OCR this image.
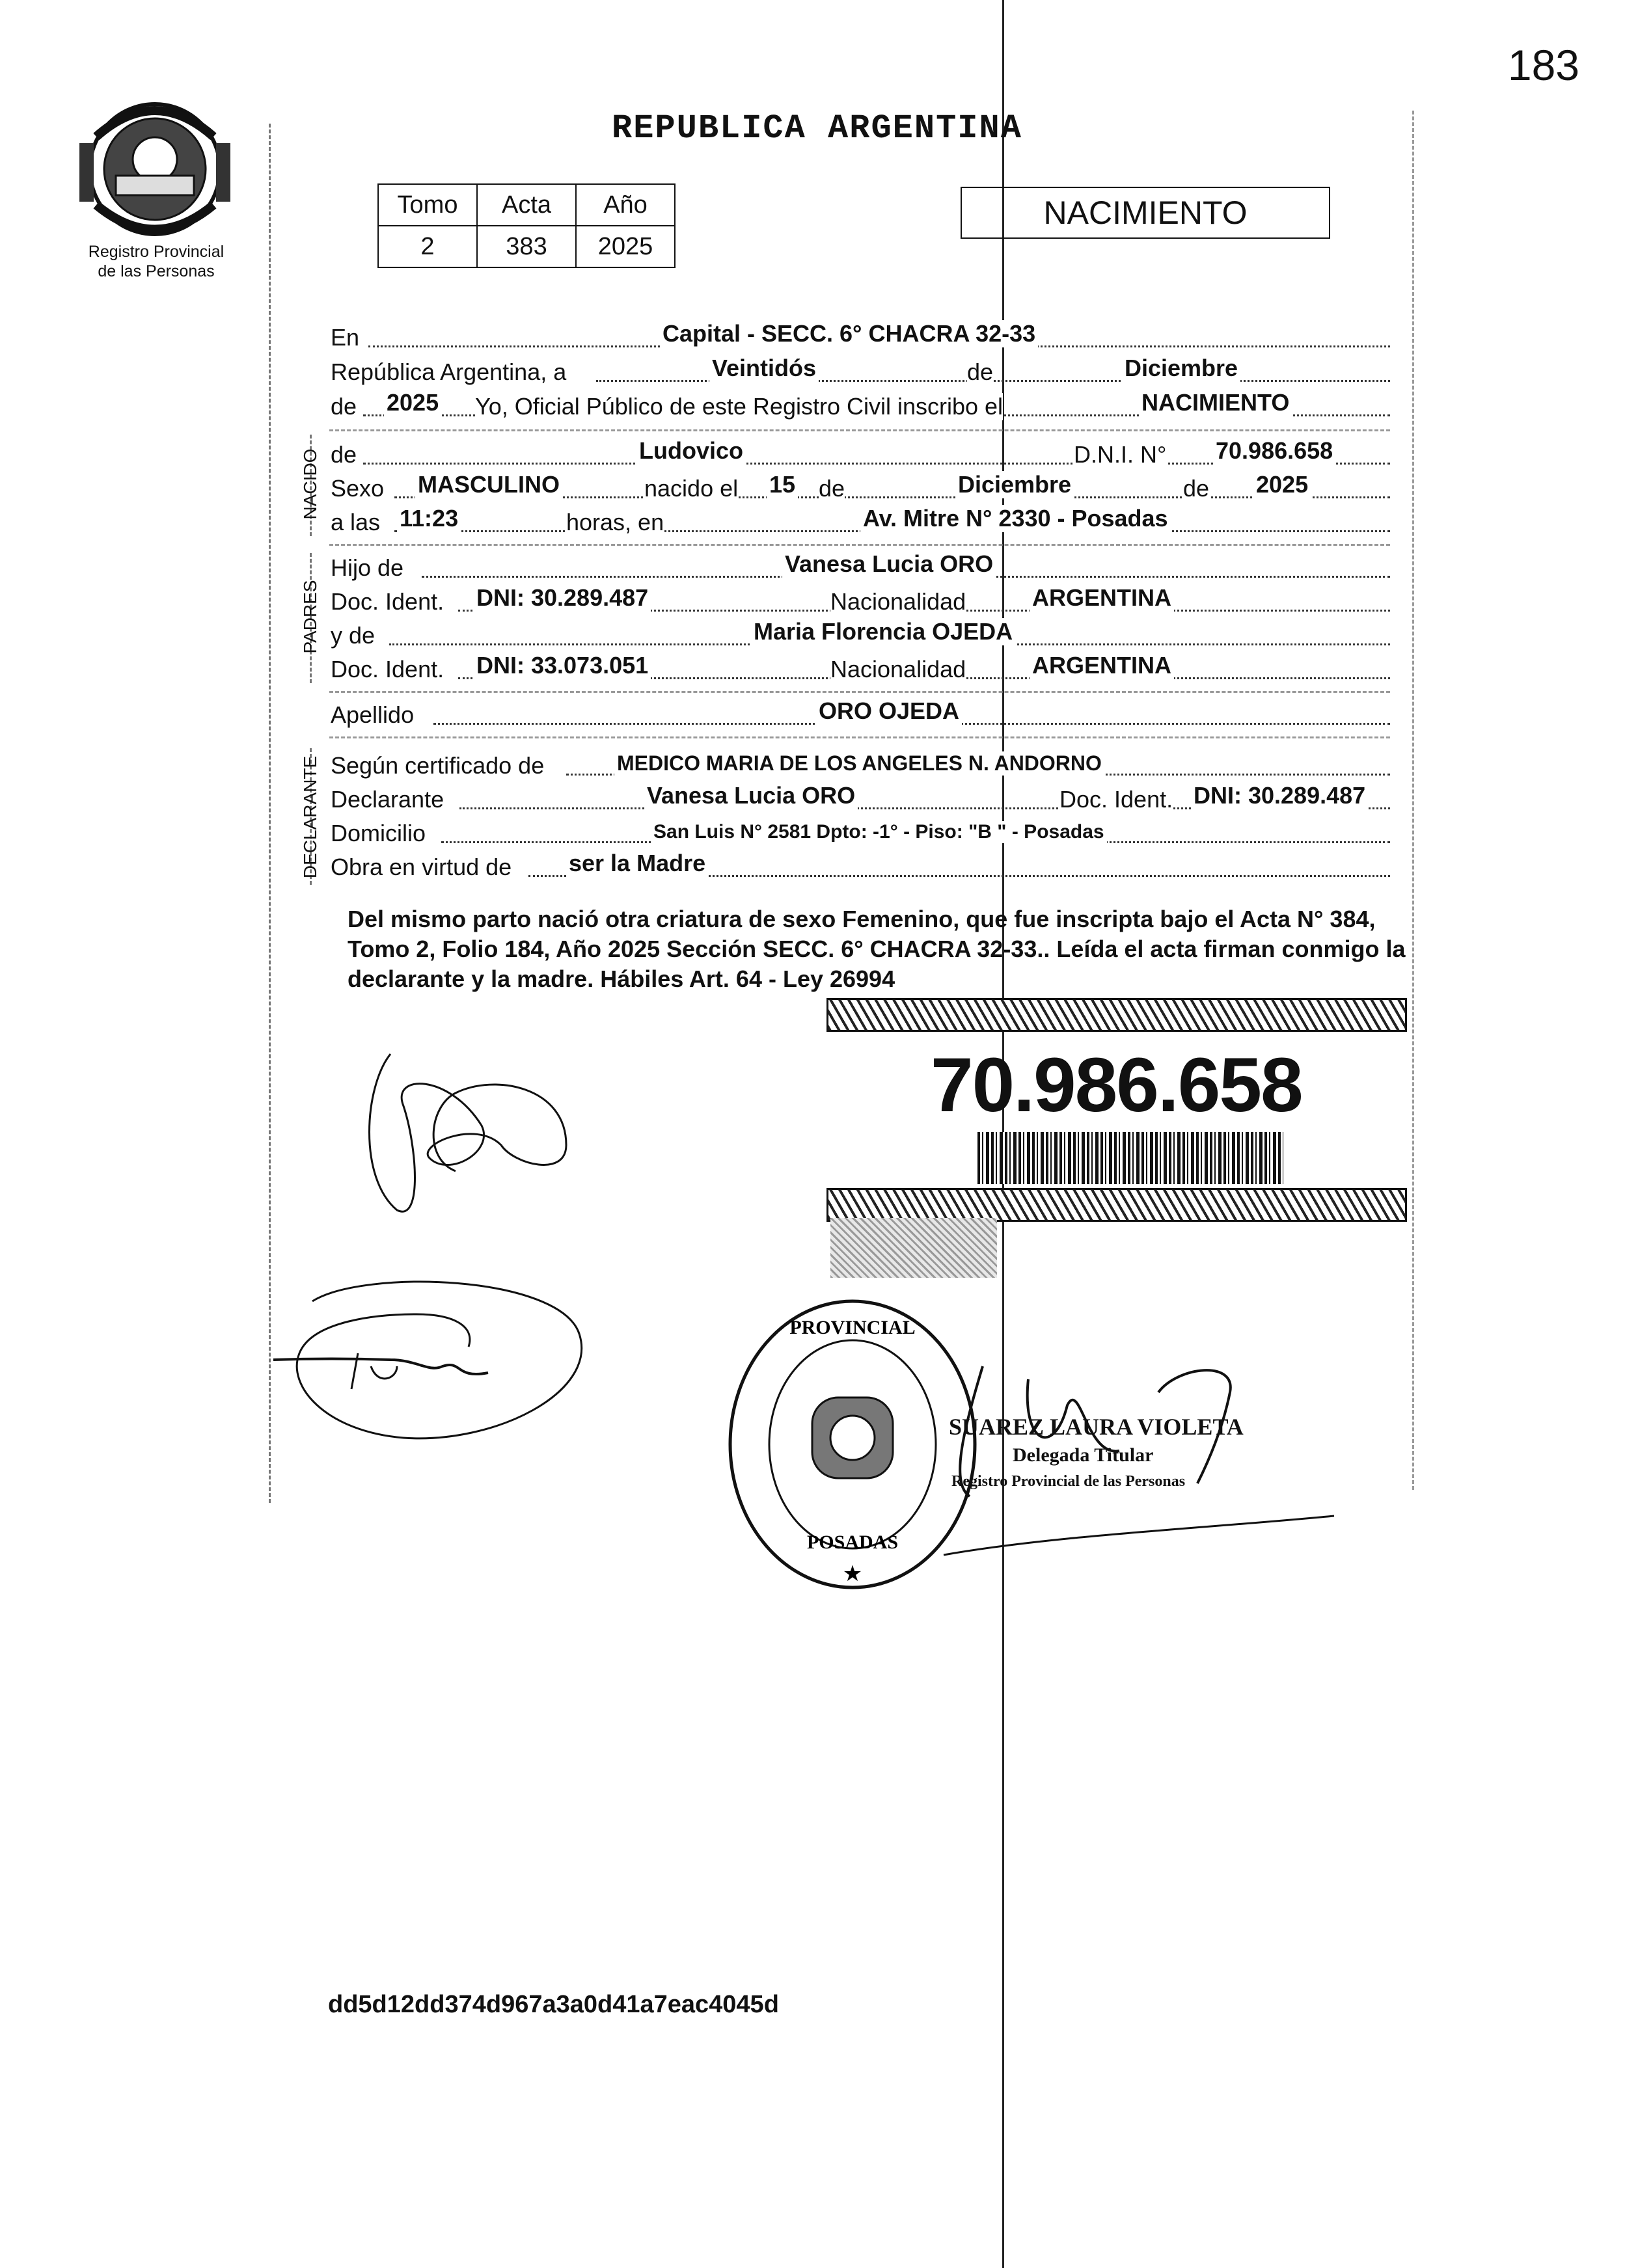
183
Registro Provincial
de las Personas
REPUBLICA ARGENTINA
Tomo	Acta	Año
2	383	2025
NACIMIENTO
En	Capital - SECC. 6° CHACRA 32-33
República Argentina, a	Veintidós	de	Diciembre
de 2025 Yo, Oficial Público de este Registro Civil inscribo el	NACIMIENTO
de	Ludovico	D.N.I. N° 70.986.658
Sexo MASCULINO	nacido el 15 de	Diciembre	de 2025
a las 11:23	horas, en	Av. Mitre N° 2330 - Posadas
Hijo de	Vanesa Lucia ORO
Doc. Ident. DNI: 30.289.487	Nacionalidad	ARGENTINA
y de	Maria Florencia OJEDA
Doc. Ident. DNI: 33.073.051	Nacionalidad	ARGENTINA
Apellido	ORO OJEDA
Según certificado de	MEDICO MARIA DE LOS ANGELES N. ANDORNO
Declarante	Vanesa Lucia ORO	Doc. Ident. DNI: 30.289.487
Domicilio	San Luis N° 2581 Dpto: -1° - Piso: "B " - Posadas
Obra en virtud de ser la Madre
NACIDO
PADRES
DECLARANTE
Del mismo parto nació otra criatura de sexo Femenino, que fue inscripta bajo el Acta N° 384, Tomo 2, Folio 184, Año 2025 Sección SECC. 6° CHACRA 32-33.. Leída el acta firman conmigo la declarante y la madre. Hábiles Art. 64 - Ley 26994
70.986.658
PROVINCIAL
POSADAS
★
SUAREZ LAURA VIOLETA
Delegada Titular
Registro Provincial de las Personas
dd5d12dd374d967a3a0d41a7eac4045d
